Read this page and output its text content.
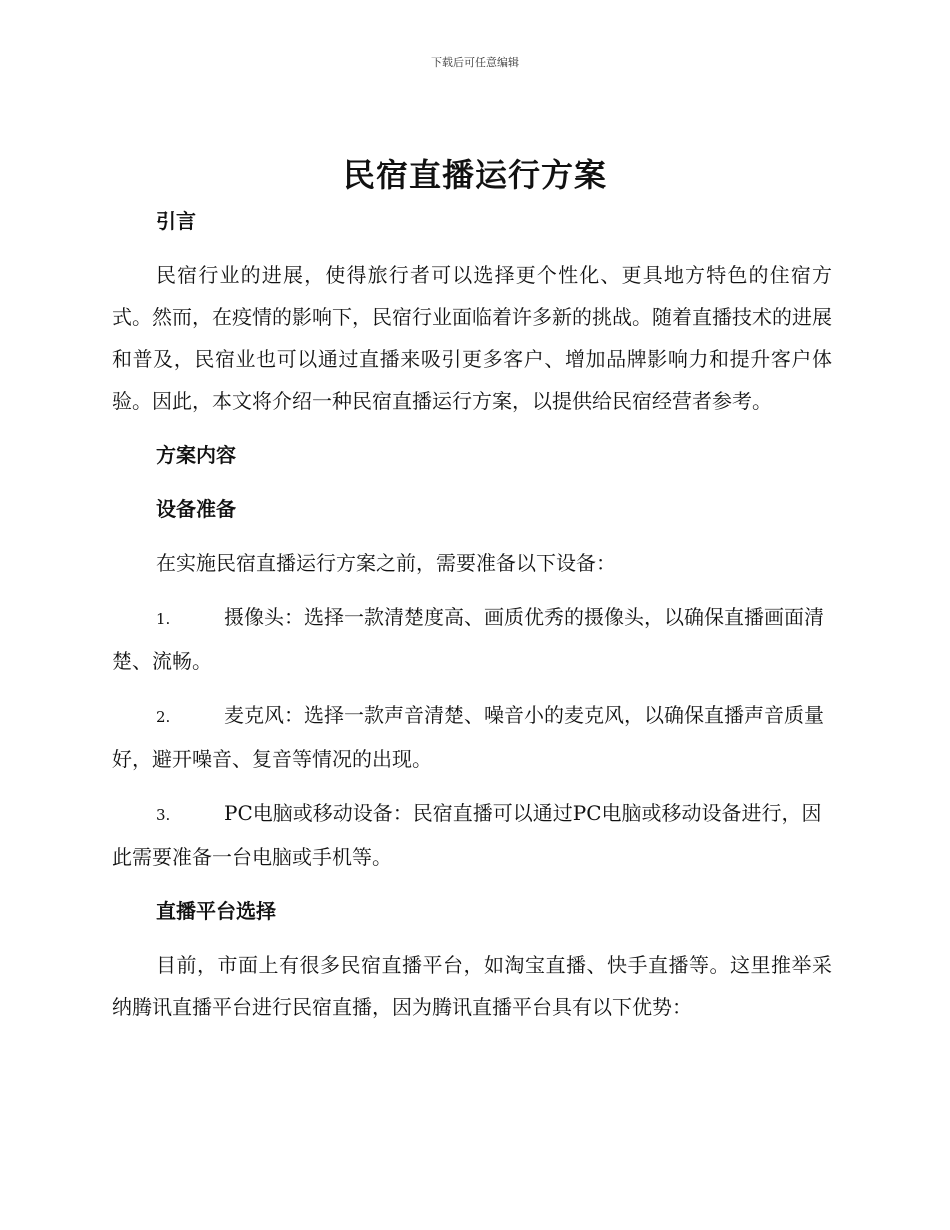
下载后可任意编辑
民宿直播运行方案
引言

民宿行业的进展，使得旅行者可以选择更个性化、更具地方特色的住宿方式。然而，在疫情的影响下，民宿行业面临着许多新的挑战。随着直播技术的进展和普及，民宿业也可以通过直播来吸引更多客户、增加品牌影响力和提升客户体验。因此，本文将介绍一种民宿直播运行方案，以提供给民宿经营者参考。

方案内容
设备准备

在实施民宿直播运行方案之前，需要准备以下设备：

1.	摄像头：选择一款清楚度高、画质优秀的摄像头，以确保直播画面清楚、流畅。
2.	麦克风：选择一款声音清楚、噪音小的麦克风，以确保直播声音质量好，避开噪音、复音等情况的出现。
3.	PC电脑或移动设备：民宿直播可以通过PC电脑或移动设备进行，因此需要准备一台电脑或手机等。
直播平台选择

目前，市面上有很多民宿直播平台，如淘宝直播、快手直播等。这里推举采纳腾讯直播平台进行民宿直播，因为腾讯直播平台具有以下优势：
